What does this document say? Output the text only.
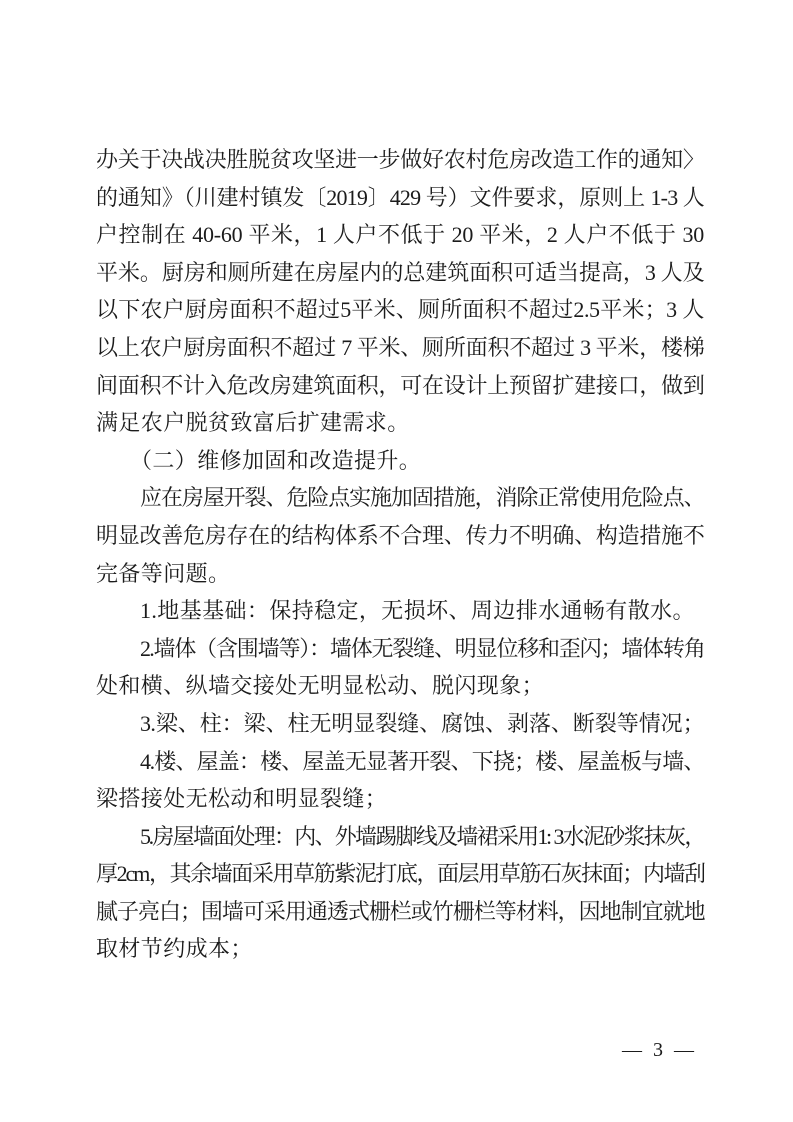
办关于决战决胜脱贫攻坚进一步做好农村危房改造工作的通知〉
的通知》（川建村镇发〔2019〕429 号）文件要求，原则上 1-3 人
户控制在 40-60 平米，1 人户不低于 20 平米，2 人户不低于 30
平米。厨房和厕所建在房屋内的总建筑面积可适当提高，3 人及
以下农户厨房面积不超过5平米、厕所面积不超过2.5平米；3 人
以上农户厨房面积不超过 7 平米、厕所面积不超过 3 平米，楼梯
间面积不计入危改房建筑面积，可在设计上预留扩建接口，做到
满足农户脱贫致富后扩建需求。
（二）维修加固和改造提升。
应在房屋开裂、危险点实施加固措施，消除正常使用危险点、
明显改善危房存在的结构体系不合理、传力不明确、构造措施不
完备等问题。
1.地基基础：保持稳定，无损坏、周边排水通畅有散水。
2.墙体（含围墙等）：墙体无裂缝、明显位移和歪闪；墙体转角
处和横、纵墙交接处无明显松动、脱闪现象；
3.梁、柱：梁、柱无明显裂缝、腐蚀、剥落、断裂等情况；
4.楼、屋盖：楼、屋盖无显著开裂、下挠；楼、屋盖板与墙、
梁搭接处无松动和明显裂缝；
5.房屋墙面处理：内、外墙踢脚线及墙裙采用1: 3水泥砂浆抹灰，
厚2cm，其余墙面采用草筋紫泥打底，面层用草筋石灰抹面；内墙刮
腻子亮白；围墙可采用通透式栅栏或竹栅栏等材料，因地制宜就地
取材节约成本；
— 3 —
